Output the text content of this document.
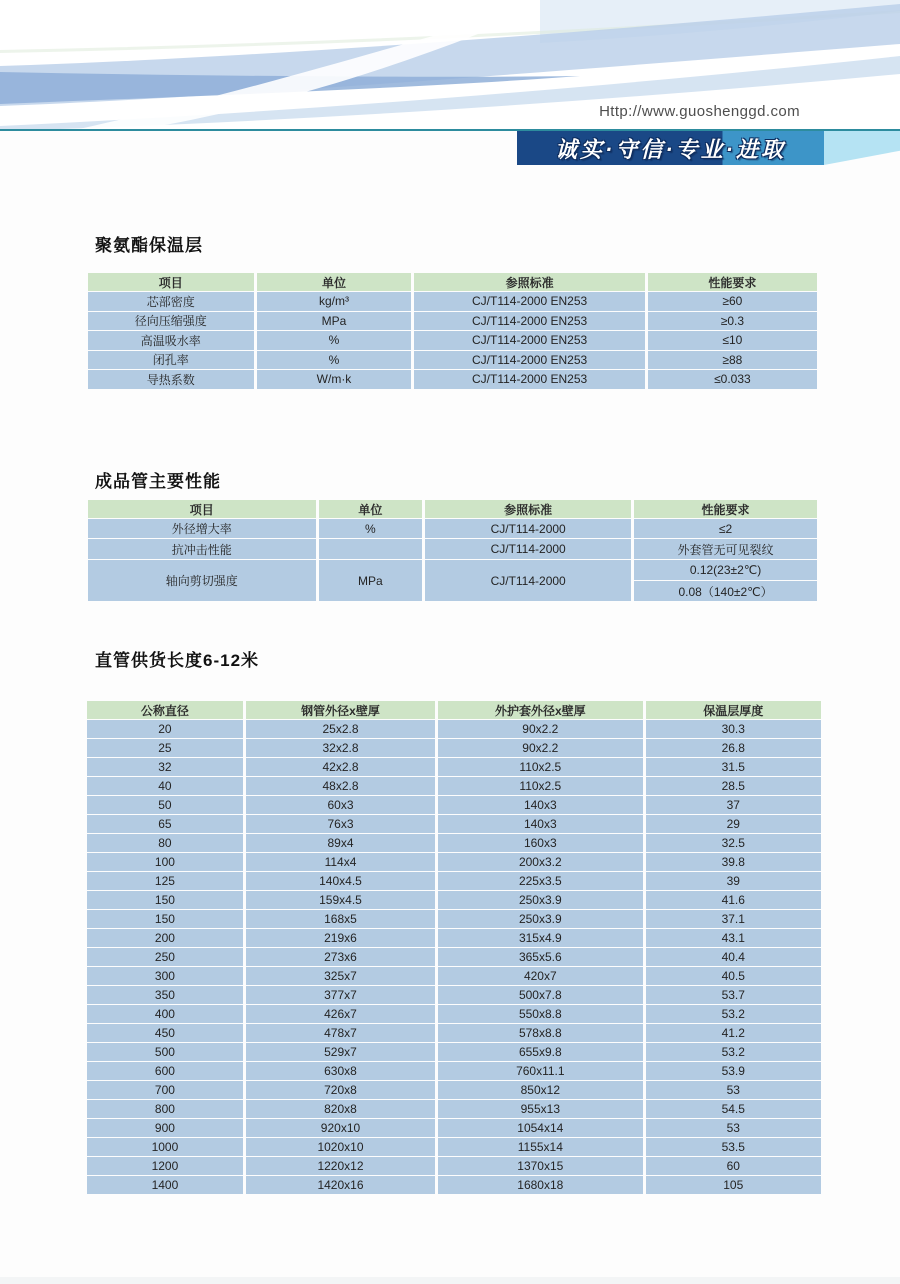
Http://www.guoshenggd.com
诚实·守信·专业·进取
聚氨酯保温层
项目	单位	参照标准	性能要求
芯部密度	kg/m³	CJ/T114-2000 EN253	≥60
径向压缩强度	MPa	CJ/T114-2000 EN253	≥0.3
高温吸水率	%	CJ/T114-2000 EN253	≤10
闭孔率	%	CJ/T114-2000 EN253	≥88
导热系数	W/m·k	CJ/T114-2000 EN253	≤0.033
成品管主要性能
项目	单位	参照标准	性能要求
外径增大率	%	CJ/T114-2000	≤2
抗冲击性能		CJ/T114-2000	外套管无可见裂纹
轴向剪切强度	MPa	CJ/T114-2000	0.12(23±2℃)
			0.08（140±2℃）
直管供货长度6-12米
公称直径	钢管外径x壁厚	外护套外径x壁厚	保温层厚度
20	25x2.8	90x2.2	30.3
25	32x2.8	90x2.2	26.8
32	42x2.8	110x2.5	31.5
40	48x2.8	110x2.5	28.5
50	60x3	140x3	37
65	76x3	140x3	29
80	89x4	160x3	32.5
100	114x4	200x3.2	39.8
125	140x4.5	225x3.5	39
150	159x4.5	250x3.9	41.6
150	168x5	250x3.9	37.1
200	219x6	315x4.9	43.1
250	273x6	365x5.6	40.4
300	325x7	420x7	40.5
350	377x7	500x7.8	53.7
400	426x7	550x8.8	53.2
450	478x7	578x8.8	41.2
500	529x7	655x9.8	53.2
600	630x8	760x11.1	53.9
700	720x8	850x12	53
800	820x8	955x13	54.5
900	920x10	1054x14	53
1000	1020x10	1155x14	53.5
1200	1220x12	1370x15	60
1400	1420x16	1680x18	105
